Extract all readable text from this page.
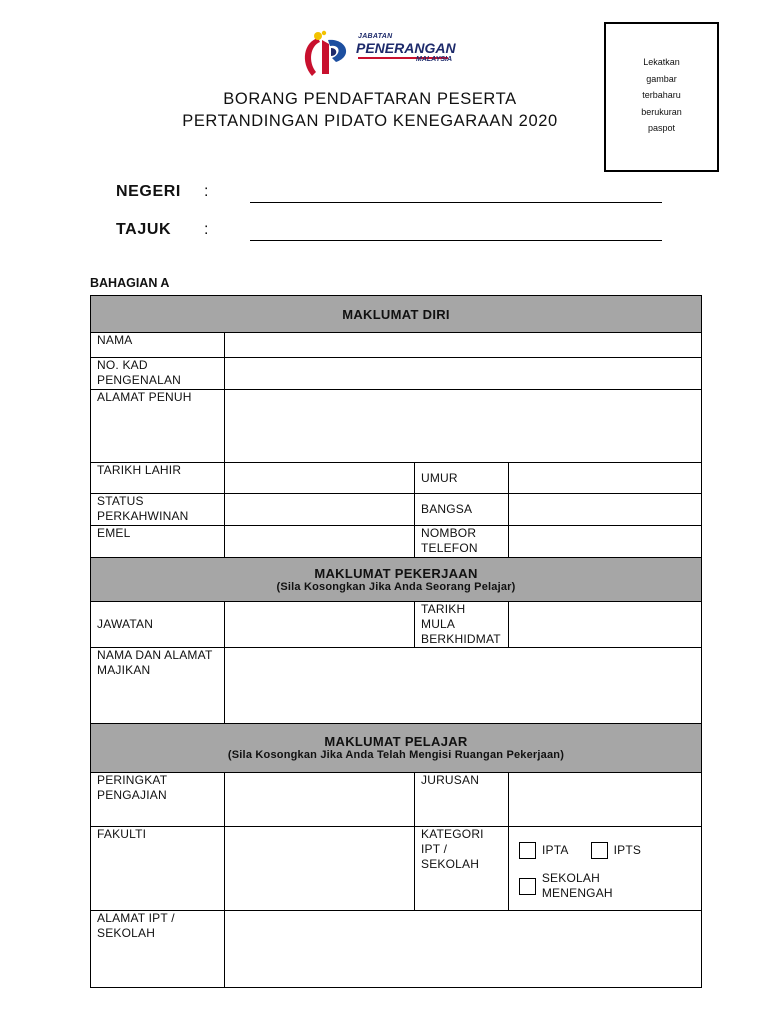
JABATAN
PENERANGAN
MALAYSIA
BORANG PENDAFTARAN PESERTA
PERTANDINGAN PIDATO KENEGARAAN 2020
Lekatkan
gambar
terbaharu
berukuran
paspot
NEGERI :
TAJUK :
BAHAGIAN A
MAKLUMAT DIRI			

NAMA			
NO. KAD PENGENALAN			
ALAMAT PENUH			
TARIKH LAHIR		UMUR	
STATUS PERKAHWINAN		BANGSA	
EMEL		NOMBOR TELEFON	

MAKLUMAT PEKERJAAN
(Sila Kosongkan Jika Anda Seorang Pelajar)			

JAWATAN		TARIKH MULA BERKHIDMAT	
NAMA DAN ALAMAT MAJIKAN			

MAKLUMAT PELAJAR
(Sila Kosongkan Jika Anda Telah Mengisi Ruangan Pekerjaan)			

PERINGKAT PENGAJIAN		JURUSAN	
FAKULTI		KATEGORI IPT / SEKOLAH	IPTA IPTS
SEKOLAH MENENGAH

ALAMAT IPT / SEKOLAH			
